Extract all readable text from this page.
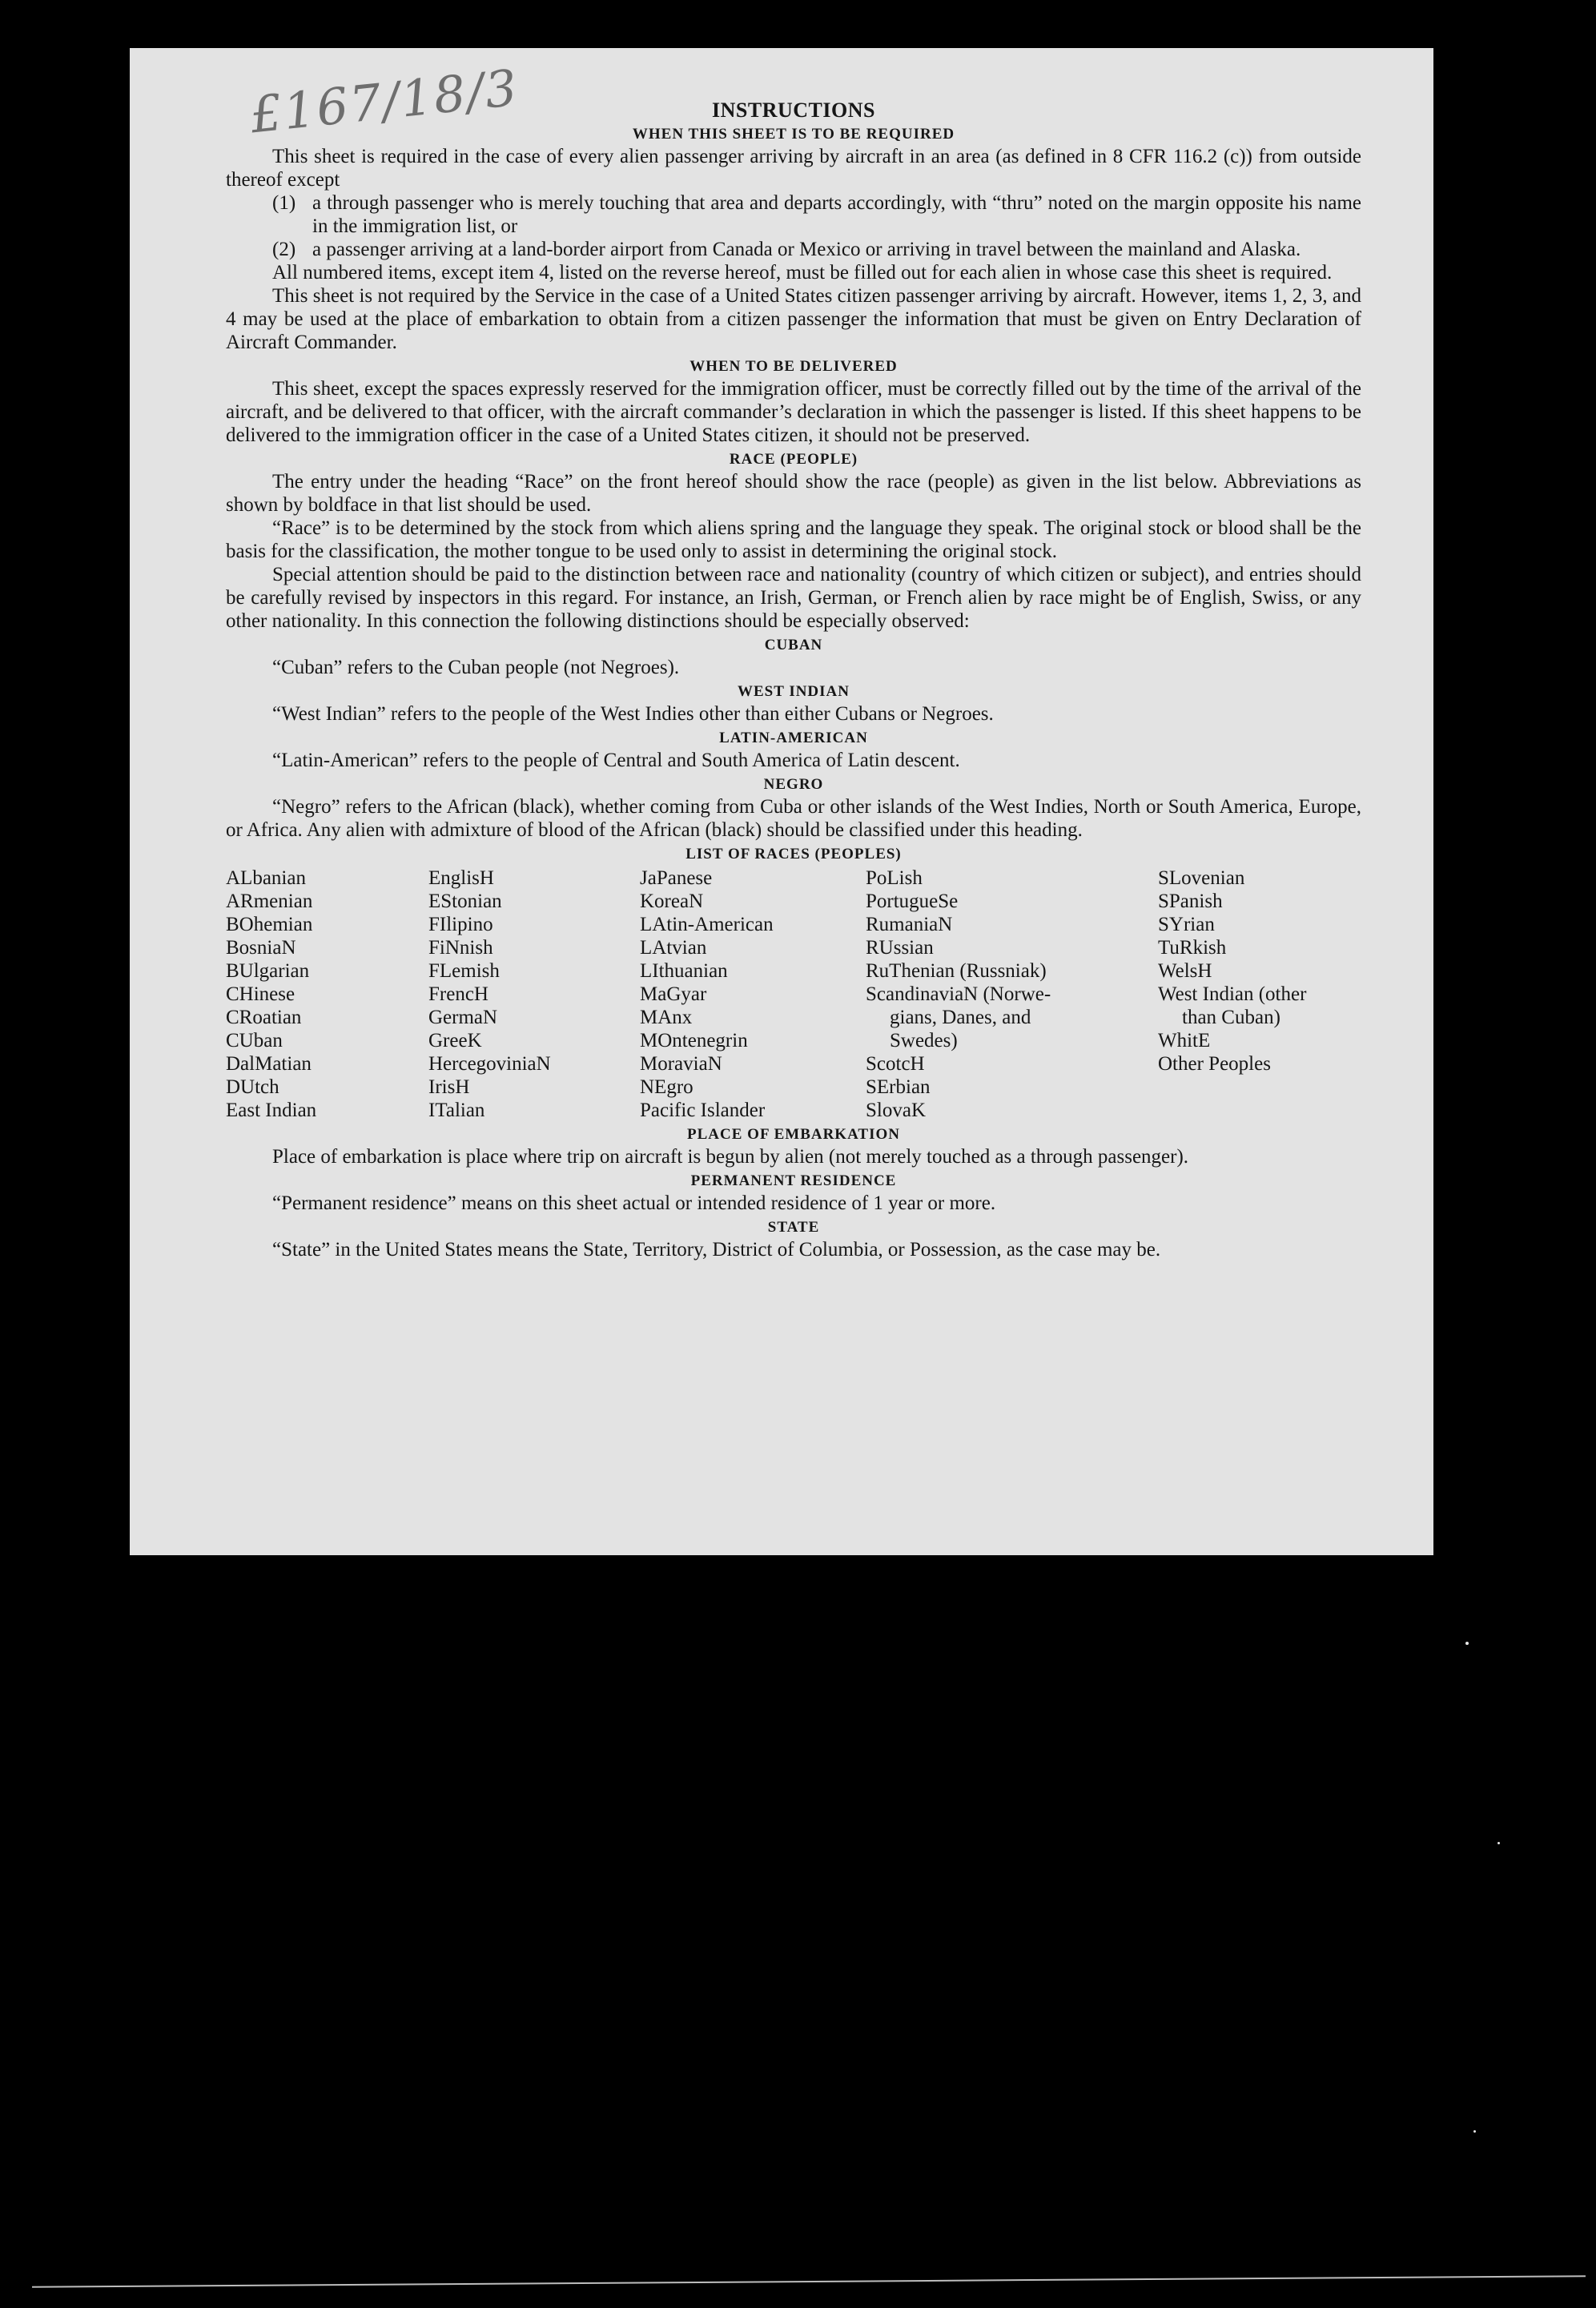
£167/18/3	INSTRUCTIONS
WHEN THIS SHEET IS TO BE REQUIRED

This sheet is required in the case of every alien passenger arriving by aircraft in an area (as defined in 8 CFR 116.2 (c)) from outside thereof except

(1) a through passenger who is merely touching that area and departs accordingly, with “thru” noted on the margin opposite his name in the immigration list, or
(2) a passenger arriving at a land-border airport from Canada or Mexico or arriving in travel between the mainland and Alaska.

All numbered items, except item 4, listed on the reverse hereof, must be filled out for each alien in whose case this sheet is required.

This sheet is not required by the Service in the case of a United States citizen passenger arriving by aircraft. However, items 1, 2, 3, and 4 may be used at the place of embarkation to obtain from a citizen passenger the information that must be given on Entry Declaration of Aircraft Commander.

WHEN TO BE DELIVERED

This sheet, except the spaces expressly reserved for the immigration officer, must be correctly filled out by the time of the arrival of the aircraft, and be delivered to that officer, with the aircraft commander’s declaration in which the passenger is listed. If this sheet happens to be delivered to the immigration officer in the case of a United States citizen, it should not be preserved.

RACE (PEOPLE)

The entry under the heading “Race” on the front hereof should show the race (people) as given in the list below. Abbreviations as shown by boldface in that list should be used.

“Race” is to be determined by the stock from which aliens spring and the language they speak. The original stock or blood shall be the basis for the classification, the mother tongue to be used only to assist in determining the original stock.

Special attention should be paid to the distinction between race and nationality (country of which citizen or subject), and entries should be carefully revised by inspectors in this regard. For instance, an Irish, German, or French alien by race might be of English, Swiss, or any other nationality. In this connection the following distinctions should be especially observed:

CUBAN

“Cuban” refers to the Cuban people (not Negroes).

WEST INDIAN

“West Indian” refers to the people of the West Indies other than either Cubans or Negroes.

LATIN-AMERICAN

“Latin-American” refers to the people of Central and South America of Latin descent.

NEGRO

“Negro” refers to the African (black), whether coming from Cuba or other islands of the West Indies, North or South America, Europe, or Africa. Any alien with admixture of blood of the African (black) should be classified under this heading.

LIST OF RACES (PEOPLES)
ALbanian
ARmenian
BOhemian
BosniaN
BUlgarian
CHinese
CRoatian
CUban
DalMatian
DUtch
East Indian
EnglisH
EStonian
FIlipino
FiNnish
FLemish
FrencH
GermaN
GreeK
HercegoviniaN
IrisH
ITalian
JaPanese
KoreaN
LAtin-American
LAtvian
LIthuanian
MaGyar
MAnx
MOntenegrin
MoraviaN
NEgro
Pacific Islander
PoLish
PortugueSe
RumaniaN
RUssian
RuThenian (Russniak)
ScandinaviaN (Norwe-
gians, Danes, and
Swedes)
ScotcH
SErbian
SlovaK
SLovenian
SPanish
SYrian
TuRkish
WelsH
West Indian (other
than Cuban)
WhitE
Other Peoples
PLACE OF EMBARKATION

Place of embarkation is place where trip on aircraft is begun by alien (not merely touched as a through passenger).

PERMANENT RESIDENCE

“Permanent residence” means on this sheet actual or intended residence of 1 year or more.

STATE

“State” in the United States means the State, Territory, District of Columbia, or Possession, as the case may be.
